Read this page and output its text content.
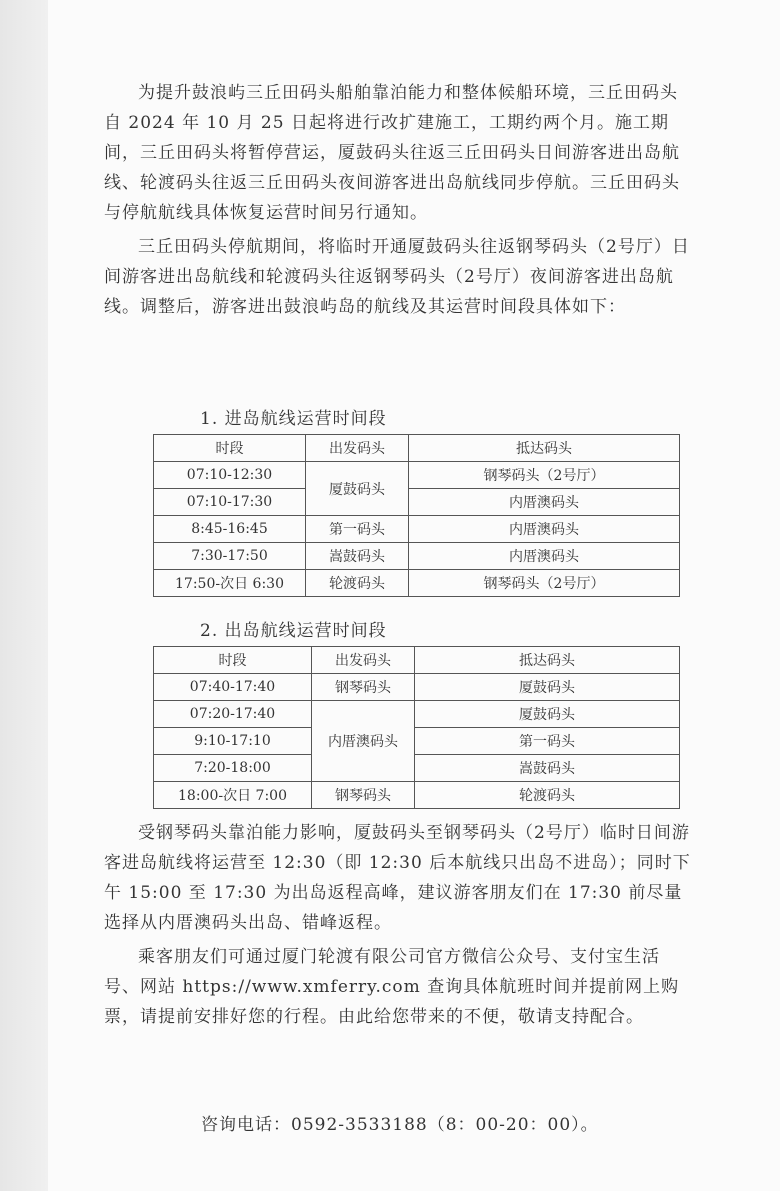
为提升鼓浪屿三丘田码头船舶靠泊能力和整体候船环境，三丘田码头自 2024 年 10 月 25 日起将进行改扩建施工，工期约两个月。施工期间，三丘田码头将暂停营运，厦鼓码头往返三丘田码头日间游客进出岛航线、轮渡码头往返三丘田码头夜间游客进出岛航线同步停航。三丘田码头与停航航线具体恢复运营时间另行通知。

三丘田码头停航期间，将临时开通厦鼓码头往返钢琴码头（2号厅）日间游客进出岛航线和轮渡码头往返钢琴码头（2号厅）夜间游客进出岛航线。调整后，游客进出鼓浪屿岛的航线及其运营时间段具体如下：

1. 进岛航线运营时间段
时段	出发码头	抵达码头
07:10-12:30	厦鼓码头	钢琴码头（2号厅）
07:10-17:30		内厝澳码头
8:45-16:45	第一码头	内厝澳码头
7:30-17:50	嵩鼓码头	内厝澳码头
17:50-次日 6:30	轮渡码头	钢琴码头（2号厅）
2. 出岛航线运营时间段
时段	出发码头	抵达码头
07:40-17:40	钢琴码头	厦鼓码头
07:20-17:40	内厝澳码头	厦鼓码头
9:10-17:10		第一码头
7:20-18:00		嵩鼓码头
18:00-次日 7:00	钢琴码头	轮渡码头

受钢琴码头靠泊能力影响，厦鼓码头至钢琴码头（2号厅）临时日间游客进岛航线将运营至 12:30（即 12:30 后本航线只出岛不进岛）；同时下午 15:00 至 17:30 为出岛返程高峰，建议游客朋友们在 17:30 前尽量选择从内厝澳码头出岛、错峰返程。

乘客朋友们可通过厦门轮渡有限公司官方微信公众号、支付宝生活号、网站 https://www.xmferry.com 查询具体航班时间并提前网上购票，请提前安排好您的行程。由此给您带来的不便，敬请支持配合。

咨询电话：0592-3533188（8：00-20：00）。
